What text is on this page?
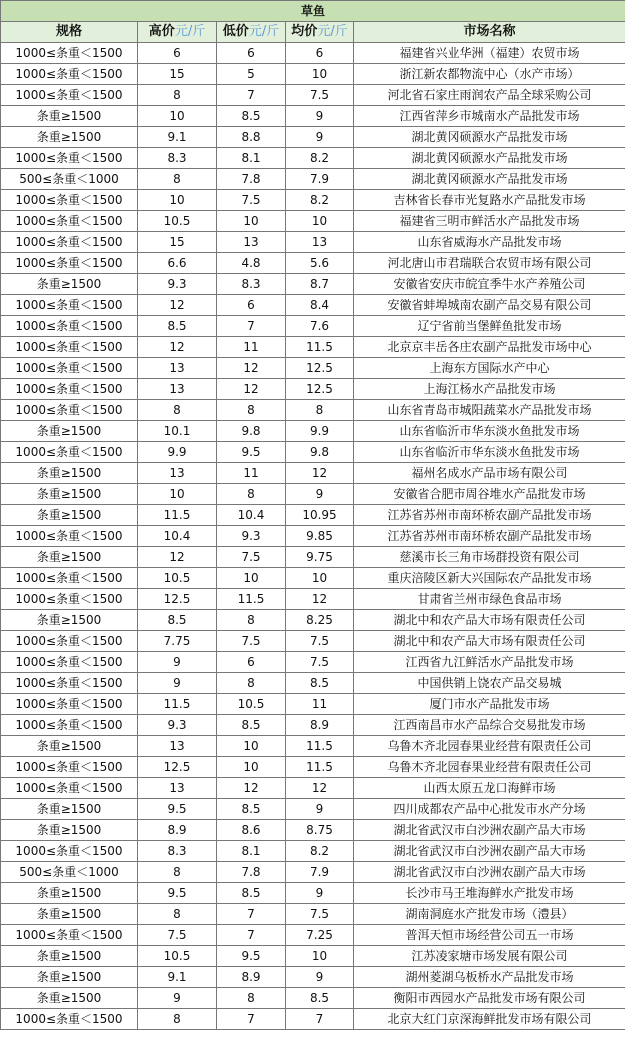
草鱼				
规格	高价元/斤	低价元/斤	均价元/斤	市场名称
1000≤条重＜1500	6	6	6	福建省兴业华洲（福建）农贸市场
1000≤条重＜1500	15	5	10	浙江新农都物流中心（水产市场）
1000≤条重＜1500	8	7	7.5	河北省石家庄雨润农产品全球采购公司
条重≥1500	10	8.5	9	江西省萍乡市城南水产品批发市场
条重≥1500	9.1	8.8	9	湖北黄冈硕源水产品批发市场
1000≤条重＜1500	8.3	8.1	8.2	湖北黄冈硕源水产品批发市场
500≤条重＜1000	8	7.8	7.9	湖北黄冈硕源水产品批发市场
1000≤条重＜1500	10	7.5	8.2	吉林省长春市光复路水产品批发市场
1000≤条重＜1500	10.5	10	10	福建省三明市鲜活水产品批发市场
1000≤条重＜1500	15	13	13	山东省威海水产品批发市场
1000≤条重＜1500	6.6	4.8	5.6	河北唐山市君瑞联合农贸市场有限公司
条重≥1500	9.3	8.3	8.7	安徽省安庆市皖宜季牛水产养殖公司
1000≤条重＜1500	12	6	8.4	安徽省蚌埠城南农副产品交易有限公司
1000≤条重＜1500	8.5	7	7.6	辽宁省前当堡鲜鱼批发市场
1000≤条重＜1500	12	11	11.5	北京京丰岳各庄农副产品批发市场中心
1000≤条重＜1500	13	12	12.5	上海东方国际水产中心
1000≤条重＜1500	13	12	12.5	上海江杨水产品批发市场
1000≤条重＜1500	8	8	8	山东省青岛市城阳蔬菜水产品批发市场
条重≥1500	10.1	9.8	9.9	山东省临沂市华东淡水鱼批发市场
1000≤条重＜1500	9.9	9.5	9.8	山东省临沂市华东淡水鱼批发市场
条重≥1500	13	11	12	福州名成水产品市场有限公司
条重≥1500	10	8	9	安徽省合肥市周谷堆水产品批发市场
条重≥1500	11.5	10.4	10.95	江苏省苏州市南环桥农副产品批发市场
1000≤条重＜1500	10.4	9.3	9.85	江苏省苏州市南环桥农副产品批发市场
条重≥1500	12	7.5	9.75	慈溪市长三角市场群投资有限公司
1000≤条重＜1500	10.5	10	10	重庆涪陵区新大兴国际农产品批发市场
1000≤条重＜1500	12.5	11.5	12	甘肃省兰州市绿色食品市场
条重≥1500	8.5	8	8.25	湖北中和农产品大市场有限责任公司
1000≤条重＜1500	7.75	7.5	7.5	湖北中和农产品大市场有限责任公司
1000≤条重＜1500	9	6	7.5	江西省九江鲜活水产品批发市场
1000≤条重＜1500	9	8	8.5	中国供销上饶农产品交易城
1000≤条重＜1500	11.5	10.5	11	厦门市水产品批发市场
1000≤条重＜1500	9.3	8.5	8.9	江西南昌市水产品综合交易批发市场
条重≥1500	13	10	11.5	乌鲁木齐北园春果业经营有限责任公司
1000≤条重＜1500	12.5	10	11.5	乌鲁木齐北园春果业经营有限责任公司
1000≤条重＜1500	13	12	12	山西太原五龙口海鲜市场
条重≥1500	9.5	8.5	9	四川成都农产品中心批发市水产分场
条重≥1500	8.9	8.6	8.75	湖北省武汉市白沙洲农副产品大市场
1000≤条重＜1500	8.3	8.1	8.2	湖北省武汉市白沙洲农副产品大市场
500≤条重＜1000	8	7.8	7.9	湖北省武汉市白沙洲农副产品大市场
条重≥1500	9.5	8.5	9	长沙市马王堆海鲜水产批发市场
条重≥1500	8	7	7.5	湖南洞庭水产批发市场（澧县）
1000≤条重＜1500	7.5	7	7.25	普洱天恒市场经营公司五一市场
条重≥1500	10.5	9.5	10	江苏凌家塘市场发展有限公司
条重≥1500	9.1	8.9	9	湖州菱湖乌板桥水产品批发市场
条重≥1500	9	8	8.5	衡阳市西园水产品批发市场有限公司
1000≤条重＜1500	8	7	7	北京大红门京深海鲜批发市场有限公司
